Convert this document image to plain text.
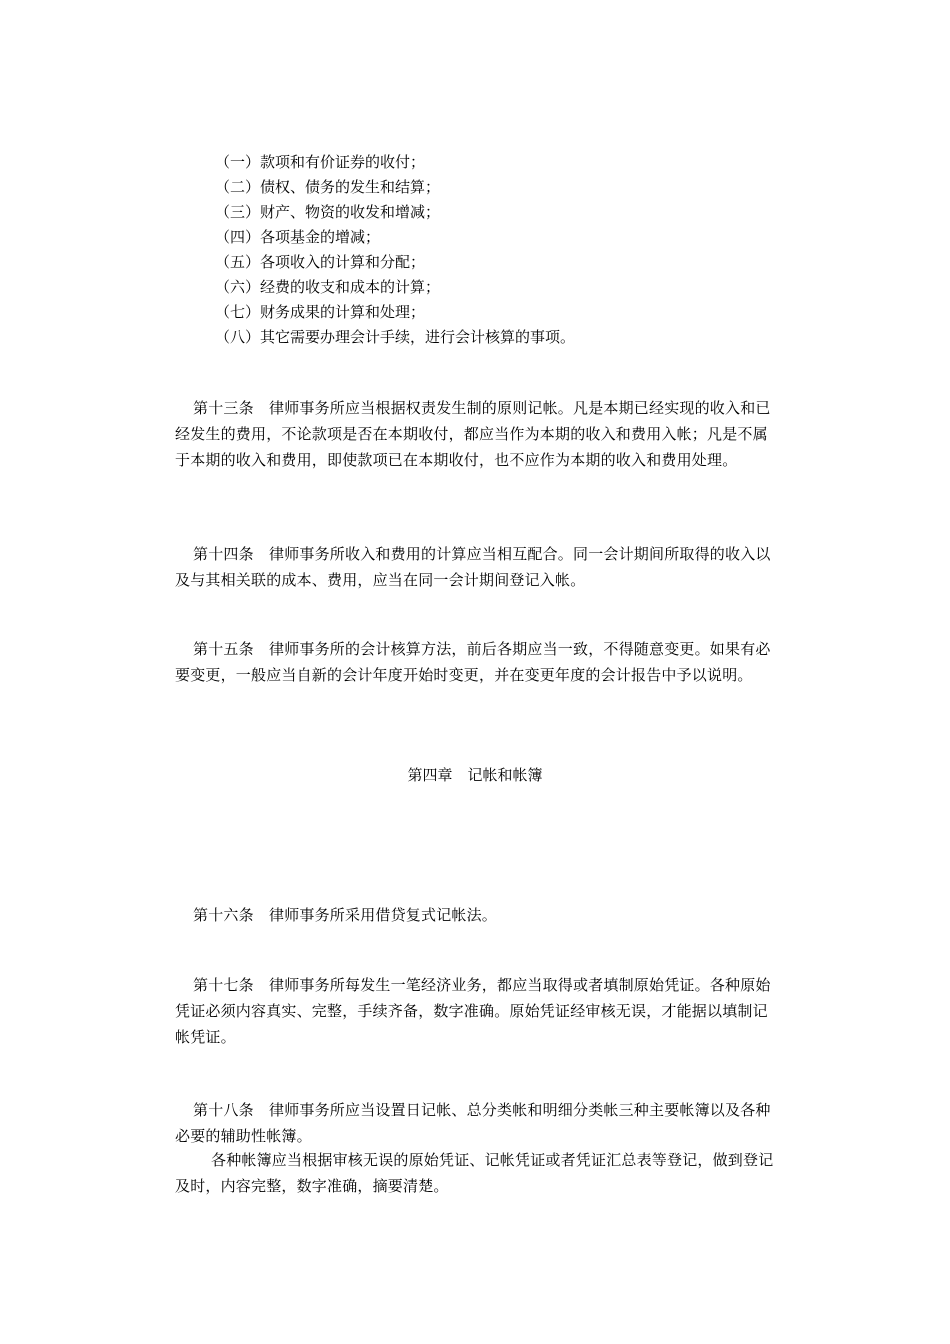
（一）款项和有价证券的收付；
（二）债权、债务的发生和结算；
（三）财产、物资的收发和增减；
（四）各项基金的增减；
（五）各项收入的计算和分配；
（六）经费的收支和成本的计算；
（七）财务成果的计算和处理；
（八）其它需要办理会计手续，进行会计核算的事项。
第十三条　律师事务所应当根据权责发生制的原则记帐。凡是本期已经实现的收入和已经发生的费用，不论款项是否在本期收付，都应当作为本期的收入和费用入帐；凡是不属于本期的收入和费用，即使款项已在本期收付，也不应作为本期的收入和费用处理。
第十四条　律师事务所收入和费用的计算应当相互配合。同一会计期间所取得的收入以及与其相关联的成本、费用，应当在同一会计期间登记入帐。
第十五条　律师事务所的会计核算方法，前后各期应当一致，不得随意变更。如果有必要变更，一般应当自新的会计年度开始时变更，并在变更年度的会计报告中予以说明。
第四章　记帐和帐簿
第十六条　律师事务所采用借贷复式记帐法。
第十七条　律师事务所每发生一笔经济业务，都应当取得或者填制原始凭证。各种原始凭证必须内容真实、完整，手续齐备，数字准确。原始凭证经审核无误，才能据以填制记帐凭证。
第十八条　律师事务所应当设置日记帐、总分类帐和明细分类帐三种主要帐簿以及各种必要的辅助性帐簿。
各种帐簿应当根据审核无误的原始凭证、记帐凭证或者凭证汇总表等登记，做到登记及时，内容完整，数字准确，摘要清楚。
